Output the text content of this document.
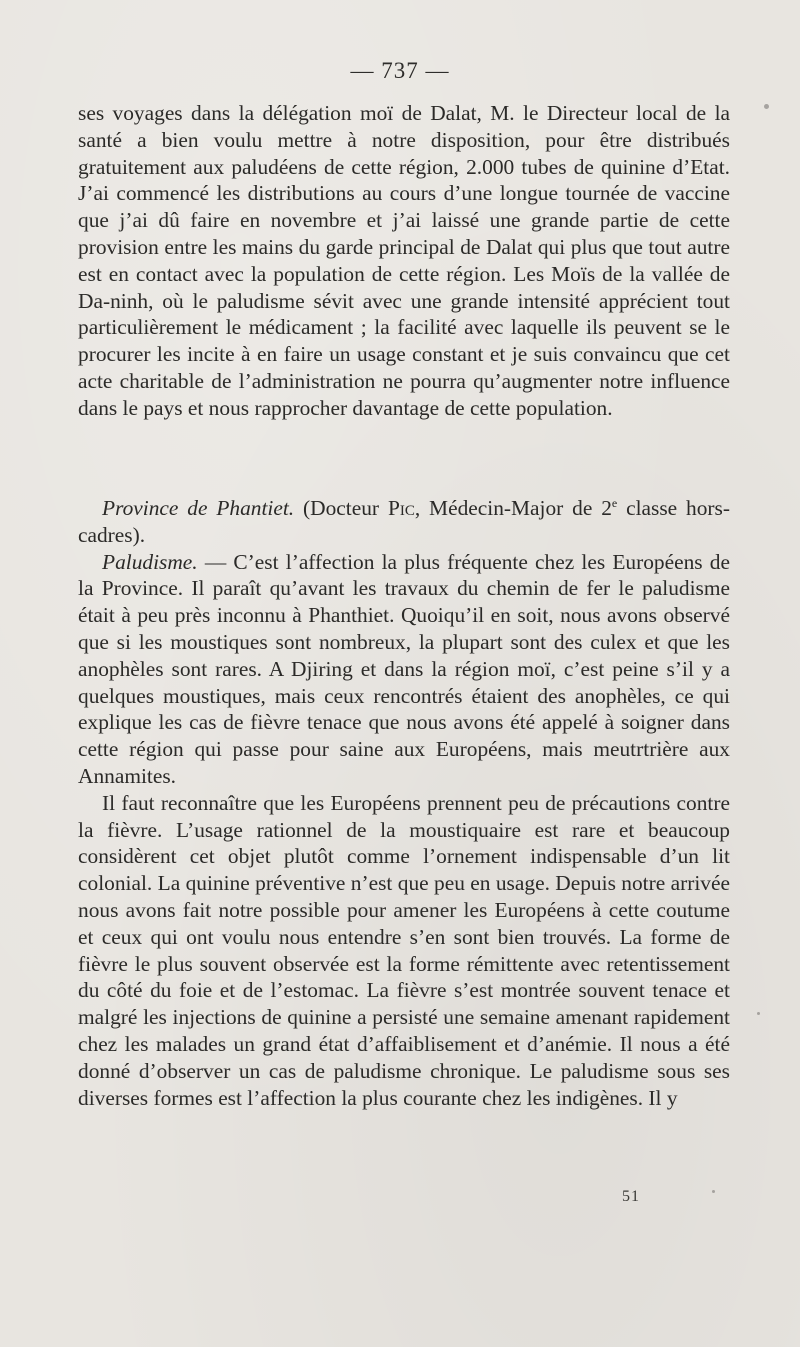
— 737 —

ses voyages dans la délégation moï de Dalat, M. le Directeur local de la santé a bien voulu mettre à notre disposition, pour être distribués gratuitement aux paludéens de cette région, 2.000 tubes de quinine d’Etat. J’ai commencé les distributions au cours d’une longue tournée de vaccine que j’ai dû faire en novembre et j’ai laissé une grande partie de cette provision entre les mains du garde principal de Dalat qui plus que tout autre est en contact avec la population de cette région. Les Moïs de la vallée de Da-ninh, où le paludisme sévit avec une grande intensité apprécient tout particulièrement le médicament ; la facilité avec laquelle ils peuvent se le procurer les incite à en faire un usage constant et je suis convaincu que cet acte charitable de l’administration ne pourra qu’augmenter notre influence dans le pays et nous rapprocher davantage de cette population.

Province de Phantiet. (Docteur Pic, Médecin-Major de 2e classe hors-cadres).

Paludisme. — C’est l’affection la plus fréquente chez les Européens de la Province. Il paraît qu’avant les travaux du chemin de fer le paludisme était à peu près inconnu à Phanthiet. Quoiqu’il en soit, nous avons observé que si les moustiques sont nombreux, la plupart sont des culex et que les anophèles sont rares. A Djiring et dans la région moï, c’est peine s’il y a quelques moustiques, mais ceux rencontrés étaient des anophèles, ce qui explique les cas de fièvre tenace que nous avons été appelé à soigner dans cette région qui passe pour saine aux Européens, mais meutrtrière aux Annamites.

Il faut reconnaître que les Européens prennent peu de précautions contre la fièvre. L’usage rationnel de la moustiquaire est rare et beaucoup considèrent cet objet plutôt comme l’ornement indispensable d’un lit colonial. La quinine préventive n’est que peu en usage. Depuis notre arrivée nous avons fait notre possible pour amener les Européens à cette coutume et ceux qui ont voulu nous entendre s’en sont bien trouvés. La forme de fièvre le plus souvent observée est la forme rémittente avec retentissement du côté du foie et de l’estomac. La fièvre s’est montrée souvent tenace et malgré les injections de quinine a persisté une semaine amenant rapidement chez les malades un grand état d’affaiblisement et d’anémie. Il nous a été donné d’observer un cas de paludisme chronique. Le paludisme sous ses diverses formes est l’affection la plus courante chez les indigènes. Il y

51
